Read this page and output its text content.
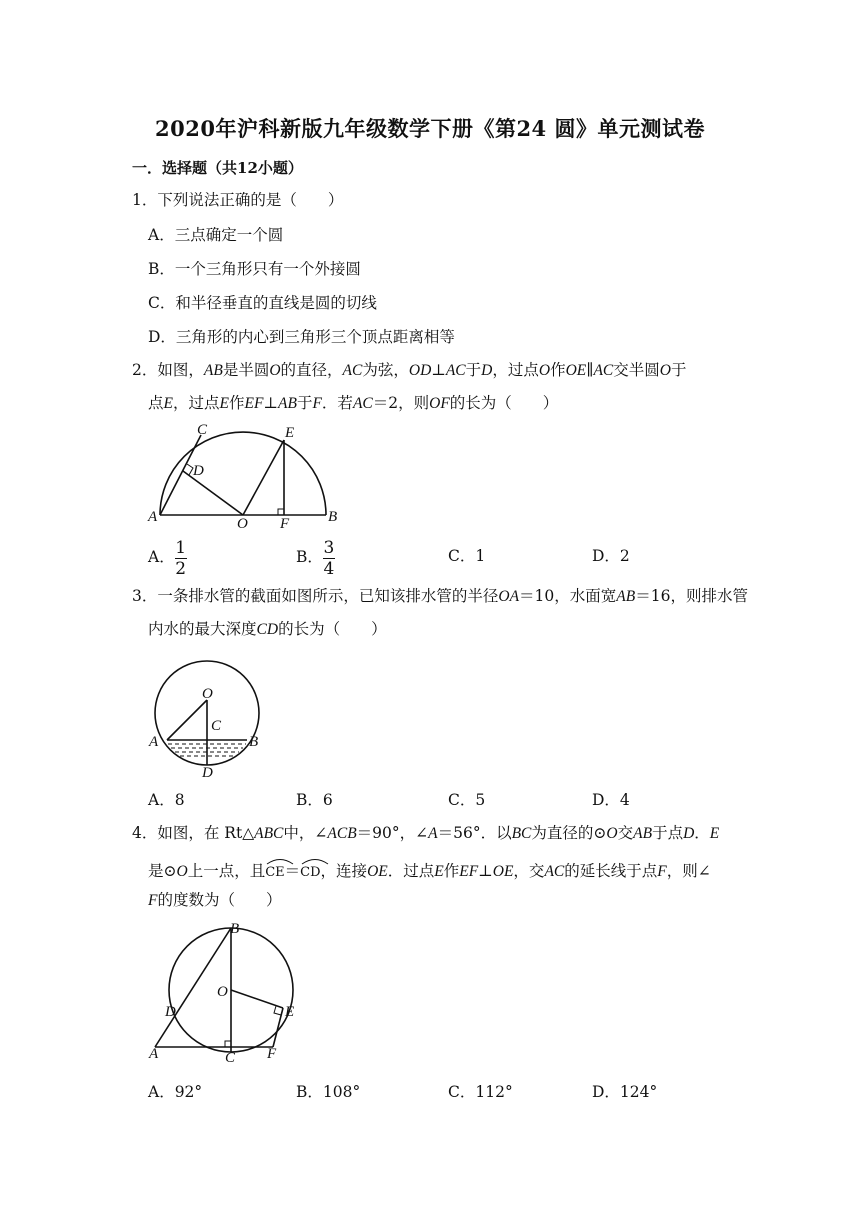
2020年沪科新版九年级数学下册《第24 圆》单元测试卷
一．选择题（共12小题）
1．下列说法正确的是（　　）
A．三点确定一个圆
B．一个三角形只有一个外接圆
C．和半径垂直的直线是圆的切线
D．三角形的内心到三角形三个顶点距离相等
2．如图，AB是半圆O的直径，AC为弦，OD⊥AC于D，过点O作OE∥AC交半圆O于
点E，过点E作EF⊥AB于F．若AC＝2，则OF的长为（　　）
C
D
E
A	O F	B
A． $\frac{1}{2}$	B． $\frac{3}{4}$	C．1	D．2
3．一条排水管的截面如图所示，已知该排水管的半径OA＝10，水面宽AB＝16，则排水管
内水的最大深度CD的长为（　　）
O
C
A	B
D
A．8	B．6	C．5	D．4
4．如图，在 Rt△ABC中，∠ACB＝90°，∠A＝56°．以BC为直径的⊙O交AB于点D．E
是⊙O上一点，且
CE＝
CD，连接OE．过点E作EF⊥OE，交AC的延长线于点F，则∠
F的度数为（　　）
B
O
D	E
A	C F
A．92°	B．108°	C．112°	D．124°
